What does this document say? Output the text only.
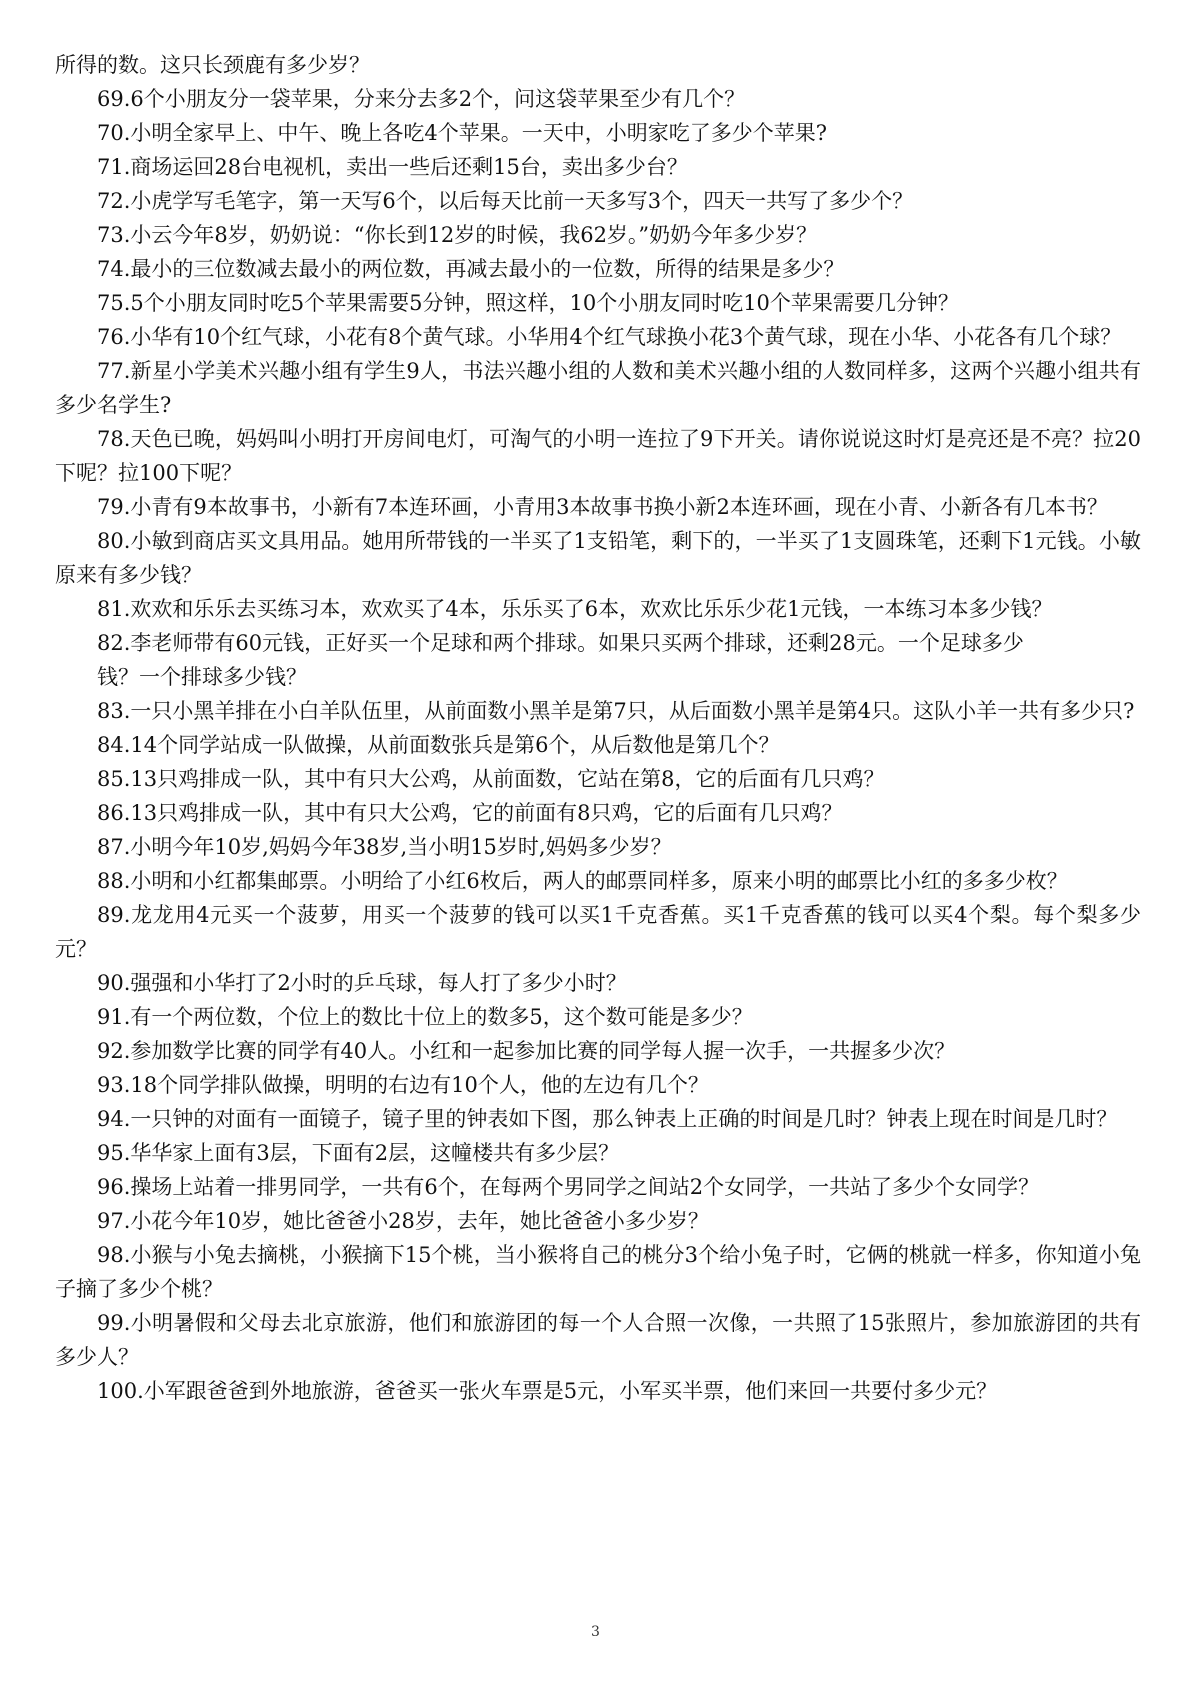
所得的数。这只长颈鹿有多少岁？

69.6个小朋友分一袋苹果，分来分去多2个，问这袋苹果至少有几个？

70.小明全家早上、中午、晚上各吃4个苹果。一天中，小明家吃了多少个苹果?

71.商场运回28台电视机，卖出一些后还剩15台，卖出多少台？

72.小虎学写毛笔字，第一天写6个，以后每天比前一天多写3个，四天一共写了多少个？

73.小云今年8岁，奶奶说：“你长到12岁的时候，我62岁。”奶奶今年多少岁？

74.最小的三位数减去最小的两位数，再减去最小的一位数，所得的结果是多少？

75.5个小朋友同时吃5个苹果需要5分钟，照这样，10个小朋友同时吃10个苹果需要几分钟？

76.小华有10个红气球，小花有8个黄气球。小华用4个红气球换小花3个黄气球，现在小华、小花各有几个球？

77.新星小学美术兴趣小组有学生9人，书法兴趣小组的人数和美术兴趣小组的人数同样多，这两个兴趣小组共有多少名学生?

78.天色已晚，妈妈叫小明打开房间电灯，可淘气的小明一连拉了9下开关。请你说说这时灯是亮还是不亮？拉20下呢？拉100下呢？

79.小青有9本故事书，小新有7本连环画，小青用3本故事书换小新2本连环画，现在小青、小新各有几本书？

80.小敏到商店买文具用品。她用所带钱的一半买了1支铅笔，剩下的，一半买了1支圆珠笔，还剩下1元钱。小敏原来有多少钱？

81.欢欢和乐乐去买练习本，欢欢买了4本，乐乐买了6本，欢欢比乐乐少花1元钱，一本练习本多少钱？

82.李老师带有60元钱，正好买一个足球和两个排球。如果只买两个排球，还剩28元。一个足球多少

钱？一个排球多少钱？

83.一只小黑羊排在小白羊队伍里，从前面数小黑羊是第7只，从后面数小黑羊是第4只。这队小羊一共有多少只?

84.14个同学站成一队做操，从前面数张兵是第6个，从后数他是第几个？

85.13只鸡排成一队，其中有只大公鸡，从前面数，它站在第8，它的后面有几只鸡？

86.13只鸡排成一队，其中有只大公鸡，它的前面有8只鸡，它的后面有几只鸡？

87.小明今年10岁,妈妈今年38岁,当小明15岁时,妈妈多少岁？

88.小明和小红都集邮票。小明给了小红6枚后，两人的邮票同样多，原来小明的邮票比小红的多多少枚？

89.龙龙用4元买一个菠萝，用买一个菠萝的钱可以买1千克香蕉。买1千克香蕉的钱可以买4个梨。每个梨多少元？

90.强强和小华打了2小时的乒乓球，每人打了多少小时？

91.有一个两位数，个位上的数比十位上的数多5，这个数可能是多少？

92.参加数学比赛的同学有40人。小红和一起参加比赛的同学每人握一次手，一共握多少次？

93.18个同学排队做操，明明的右边有10个人，他的左边有几个？

94.一只钟的对面有一面镜子，镜子里的钟表如下图，那么钟表上正确的时间是几时？钟表上现在时间是几时？

95.华华家上面有3层，下面有2层，这幢楼共有多少层？

96.操场上站着一排男同学，一共有6个，在每两个男同学之间站2个女同学，一共站了多少个女同学？

97.小花今年10岁，她比爸爸小28岁，去年，她比爸爸小多少岁？

98.小猴与小兔去摘桃，小猴摘下15个桃，当小猴将自己的桃分3个给小兔子时，它俩的桃就一样多，你知道小兔子摘了多少个桃？

99.小明暑假和父母去北京旅游，他们和旅游团的每一个人合照一次像，一共照了15张照片，参加旅游团的共有多少人？

100.小军跟爸爸到外地旅游，爸爸买一张火车票是5元，小军买半票，他们来回一共要付多少元？

3
